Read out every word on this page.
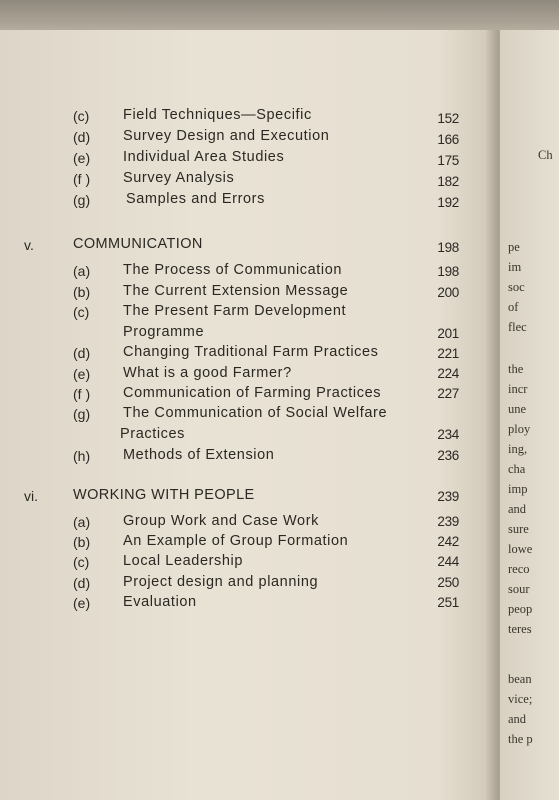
Ch
pe
im
soc
of
flec
the
incr
une
ploy
ing,
cha
imp
and
sure
lowe
reco
sour
peop
teres
bean
vice;
and
the p
(c) Field Techniques—Specific	152
(d) Survey Design and Execution	166
(e) Individual Area Studies	175
(f ) Survey Analysis	182
(g) Samples and Errors	192
v.	COMMUNICATION	198
(a) The Process of Communication	198
(b) The Current Extension Message	200
(c) The Present Farm Development
Programme	201
(d) Changing Traditional Farm Practices	221
(e) What is a good Farmer?	224
(f ) Communication of Farming Practices	227
(g) The Communication of Social Welfare
Practices	234
(h) Methods of Extension	236
vi. WORKING WITH PEOPLE	239
(a) Group Work and Case Work	239
(b) An Example of Group Formation	242
(c) Local Leadership	244
(d) Project design and planning	250
(e) Evaluation	251
